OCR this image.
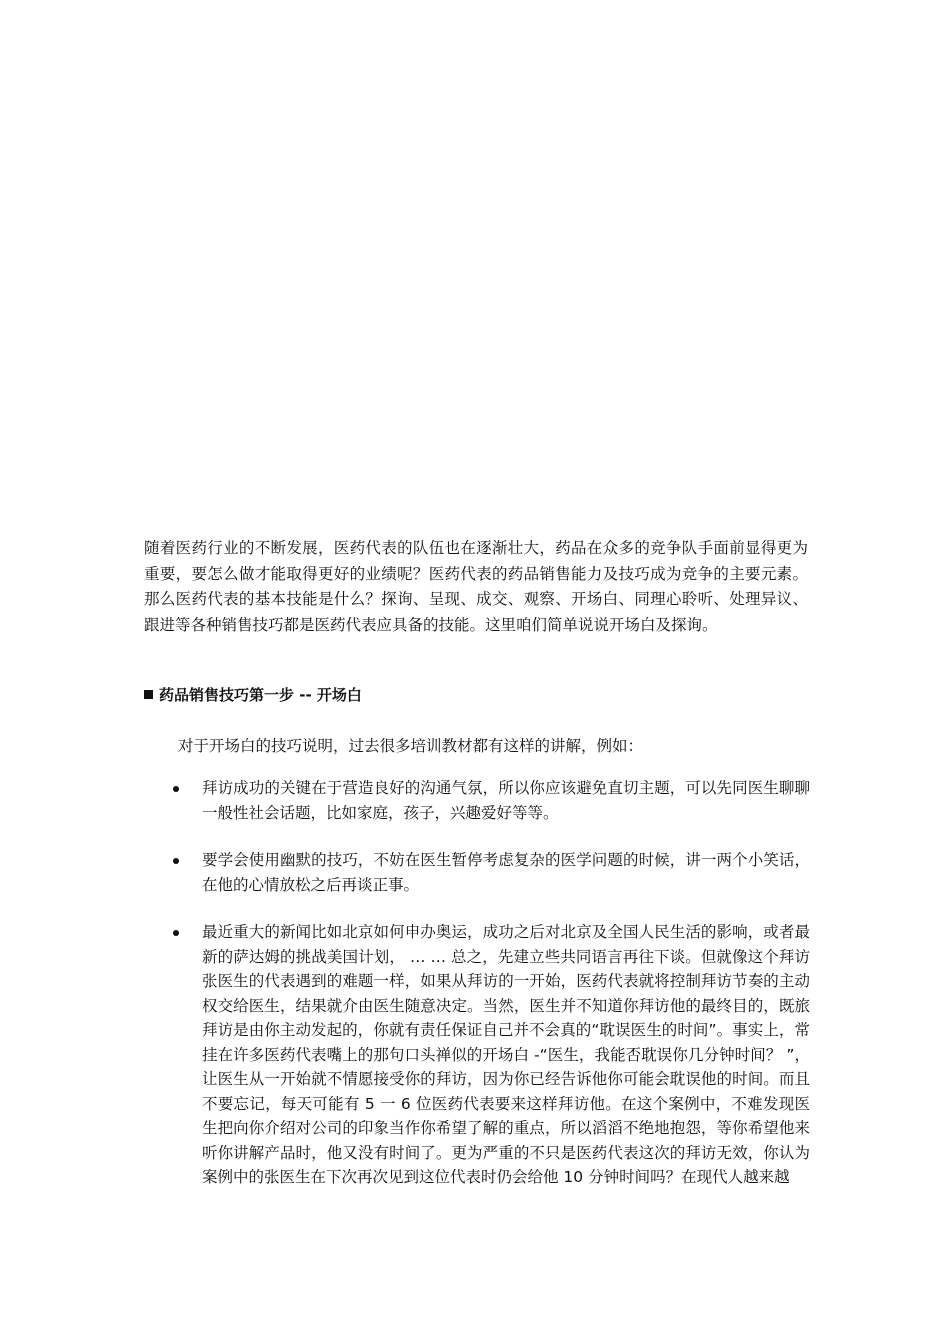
随着医药行业的不断发展，医药代表的队伍也在逐渐壮大，药品在众多的竞争队手面前显得更为重要，要怎么做才能取得更好的业绩呢？医药代表的药品销售能力及技巧成为竞争的主要元素。那么医药代表的基本技能是什么？探询、呈现、成交、观察、开场白、同理心聆听、处理异议、跟进等各种销售技巧都是医药代表应具备的技能。这里咱们简单说说开场白及探询。

药品销售技巧第一步 -- 开场白

对于开场白的技巧说明，过去很多培训教材都有这样的讲解，例如：

拜访成功的关键在于营造良好的沟通气氛，所以你应该避免直切主题，可以先同医生聊聊一般性社会话题，比如家庭，孩子，兴趣爱好等等。
要学会使用幽默的技巧，不妨在医生暂停考虑复杂的医学问题的时候，讲一两个小笑话，在他的心情放松之后再谈正事。
最近重大的新闻比如北京如何申办奥运，成功之后对北京及全国人民生活的影响，或者最新的萨达姆的挑战美国计划， … … 总之，先建立些共同语言再往下谈。但就像这个拜访张医生的代表遇到的难题一样，如果从拜访的一开始，医药代表就将控制拜访节奏的主动权交给医生，结果就介由医生随意决定。当然，医生并不知道你拜访他的最终目的，既旅拜访是由你主动发起的，你就有责任保证自己并不会真的“耽误医生的时间”。事实上，常挂在许多医药代表嘴上的那句口头禅似的开场白 -“医生，我能否耽误你几分钟时间？ ”，让医生从一开始就不情愿接受你的拜访，因为你已经告诉他你可能会耽误他的时间。而且不要忘记，每天可能有 5 一 6 位医药代表要来这样拜访他。在这个案例中，不难发现医生把向你介绍对公司的印象当作你希望了解的重点，所以滔滔不绝地抱怨，等你希望他来听你讲解产品时，他又没有时间了。更为严重的不只是医药代表这次的拜访无效，你认为案例中的张医生在下次再次见到这位代表时仍会给他 10 分钟时间吗？在现代人越来越
